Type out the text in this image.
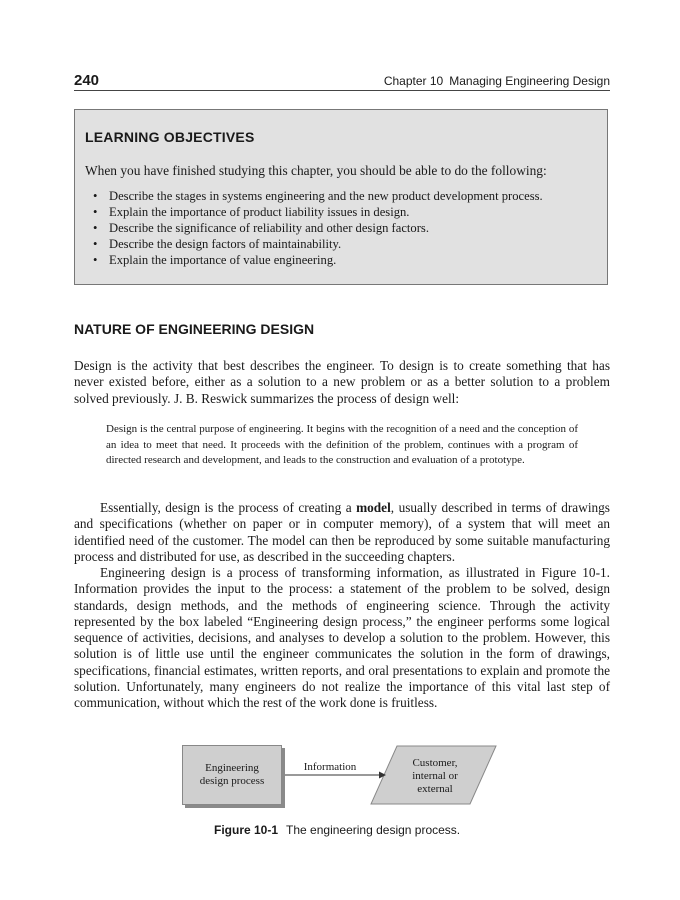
240	Chapter 10 Managing Engineering Design
LEARNING OBJECTIVES
When you have finished studying this chapter, you should be able to do the following:
• Describe the stages in systems engineering and the new product development process.
• Explain the importance of product liability issues in design.
• Describe the significance of reliability and other design factors.
• Describe the design factors of maintainability.
• Explain the importance of value engineering.
NATURE OF ENGINEERING DESIGN

Design is the activity that best describes the engineer. To design is to create something that has never existed before, either as a solution to a new problem or as a better solution to a problem solved previously. J. B. Reswick summarizes the process of design well:

Design is the central purpose of engineering. It begins with the recognition of a need and the conception of an idea to meet that need. It proceeds with the definition of the problem, continues with a program of directed research and development, and leads to the construction and evaluation of a prototype.

Essentially, design is the process of creating a model, usually described in terms of drawings and specifications (whether on paper or in computer memory), of a system that will meet an identified need of the customer. The model can then be reproduced by some suitable manufacturing process and distributed for use, as described in the succeeding chapters.

Engineering design is a process of transforming information, as illustrated in Figure 10-1. Information provides the input to the process: a statement of the problem to be solved, design standards, design methods, and the methods of engineering science. Through the activity represented by the box labeled “Engineering design process,” the engineer performs some logical sequence of activities, decisions, and analyses to develop a solution to the problem. However, this solution is of little use until the engineer communicates the solution in the form of drawings, specifications, financial estimates, written reports, and oral presentations to explain and promote the solution. Unfortunately, many engineers do not realize the importance of this vital last step of communication, without which the rest of the work done is fruitless.

Engineering
design process
Information	Customer,
internal or
external
Figure 10-1 The engineering design process.
